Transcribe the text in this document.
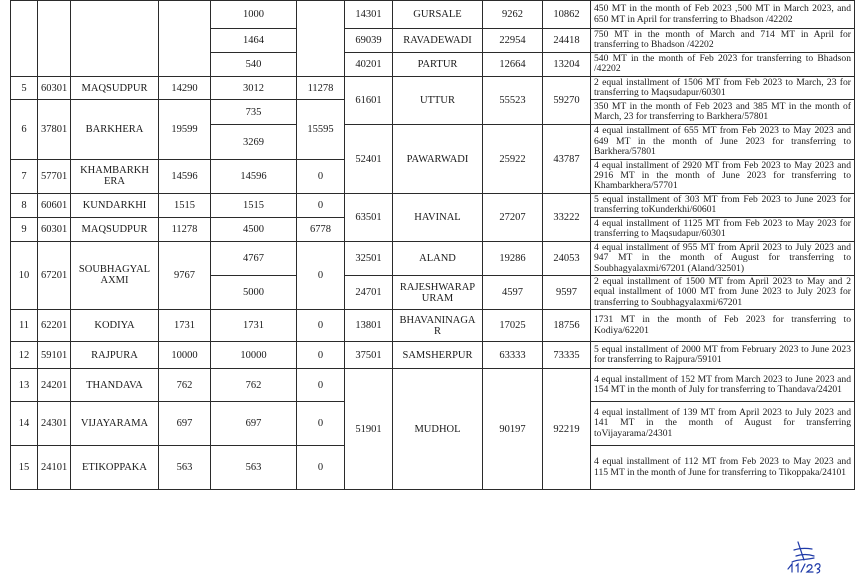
				1000		14301	GURSALE	9262	10862	450 MT in the month of Feb 2023 ,500 MT in March 2023, and 650 MT in April for transferring to Bhadson /42202
				1464		69039	RAVADEWADI	22954	24418	750 MT in the month of March and 714 MT in April for transferring to Bhadson /42202
				540		40201	PARTUR	12664	13204	540 MT in the month of Feb 2023 for transferring to Bhadson /42202
5	60301	MAQSUDPUR	14290	3012	11278	61601	UTTUR	55523	59270	2 equal installment of 1506 MT from Feb 2023 to March, 23 for transferring to Maqsudapur/60301
6	37801	BARKHERA	19599	735	15595					350 MT in the month of Feb 2023 and 385 MT in the month of March, 23 for transferring to Barkhera/57801
				3269		52401	PAWARWADI	25922	43787	4 equal installment of 655 MT from Feb 2023 to May 2023 and 649 MT in the month of June 2023 for transferring to Barkhera/57801
7	57701	KHAMBARKH ERA	14596	14596	0					4 equal installment of 2920 MT from Feb 2023 to May 2023 and 2916 MT in the month of June 2023 for transferring to Khambarkhera/57701
8	60601	KUNDARKHI	1515	1515	0	63501	HAVINAL	27207	33222	5 equal installment of 303 MT from Feb 2023 to June 2023 for transferring toKunderkhi/60601
9	60301	MAQSUDPUR	11278	4500	6778					4 equal installment of 1125 MT from Feb 2023 to May 2023 for transferring to Maqsudapur/60301
10	67201	SOUBHAGYAL AXMI	9767	4767	0	32501	ALAND	19286	24053	4 equal installment of 955 MT from April 2023 to July 2023 and 947 MT in the month of August for transferring to Soubhagyalaxmi/67201 (Aland/32501)
				5000		24701	RAJESHWARAP URAM	4597	9597	2 equal installment of 1500 MT from April 2023 to May and 2 equal installment of 1000 MT from June 2023 to July 2023 for transferring to Soubhagyalaxmi/67201
11	62201	KODIYA	1731	1731	0	13801	BHAVANINAGA R	17025	18756	1731 MT in the month of Feb 2023 for transferring to Kodiya/62201
12	59101	RAJPURA	10000	10000	0	37501	SAMSHERPUR	63333	73335	5 equal installment of 2000 MT from February 2023 to June 2023 for transferring to Rajpura/59101
13	24201	THANDAVA	762	762	0	51901	MUDHOL	90197	92219	4 equal installment of 152 MT from March 2023 to June 2023 and 154 MT in the month of July for transferring to Thandava/24201
14	24301	VIJAYARAMA	697	697	0					4 equal installment of 139 MT from April 2023 to July 2023 and 141 MT in the month of August for transferring toVijayarama/24301
15	24101	ETIKOPPAKA	563	563	0					4 equal installment of 112 MT from Feb 2023 to May 2023 and 115 MT in the month of June for transferring to Tikoppaka/24101
